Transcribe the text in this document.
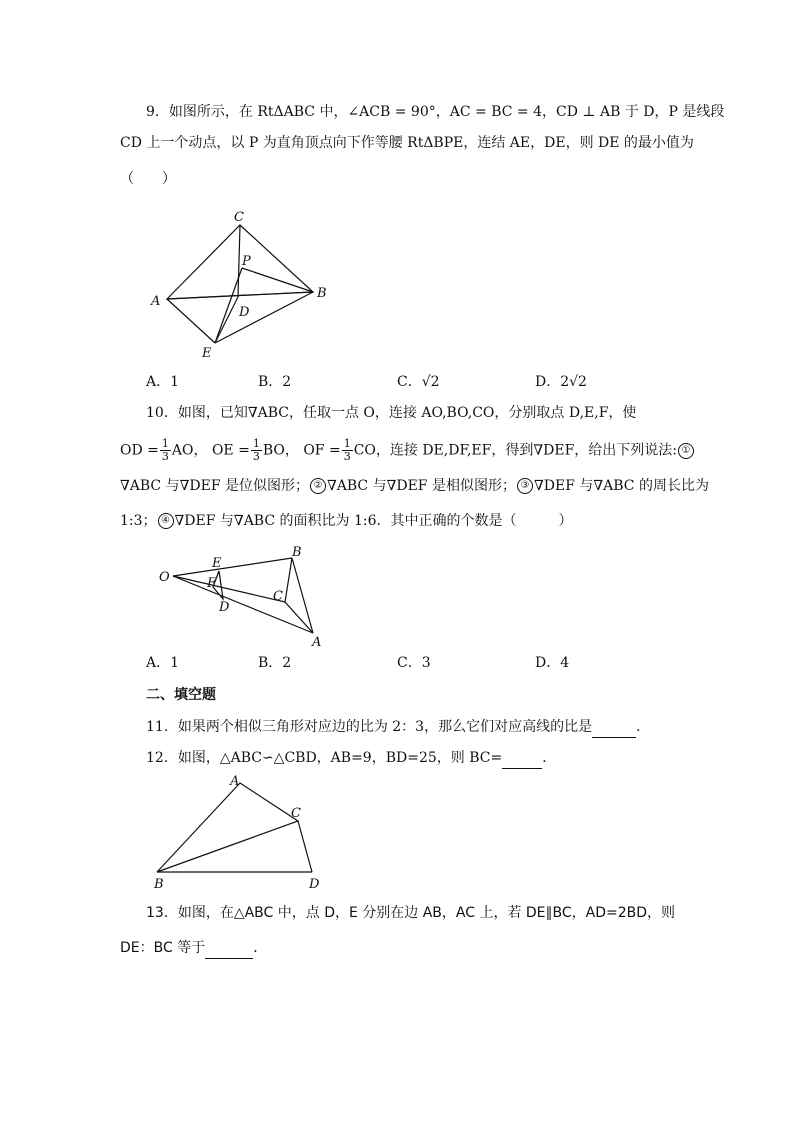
9．如图所示，在 RtΔABC 中，∠ACB = 90°，AC = BC = 4，CD ⊥ AB 于 D，P 是线段
CD 上一个动点，以 P 为直角顶点向下作等腰 RtΔBPE，连结 AE，DE，则 DE 的最小值为
（　　）
C
P
A
B
D
E
A．1	B．2	C．√2	D．2√2
10．如图，已知∇ABC，任取一点 O，连接 AO,BO,CO，分别取点 D,E,F，使
OD = $\frac{1}{3}$ AO， OE = $\frac{1}{3}$ BO， OF = $\frac{1}{3}$ CO，连接 DE,DF,EF，得到∇DEF，给出下列说法: ①
∇ABC 与∇DEF 是位似图形； ② ∇ABC 与∇DEF 是相似图形； ③ ∇DEF 与∇ABC 的周长比为
1:3； ④ ∇DEF 与∇ABC 的面积比为 1:6．其中正确的个数是（　　　）
O
E
F
D
B
C
A
A．1	B．2	C．3	D．4
二、填空题
11．如果两个相似三角形对应边的比为 2：3，那么它们对应高线的比是	．
12．如图，△ABC∽△CBD，AB=9，BD=25，则 BC=	．
A
C
B	D
13．如图，在△ABC 中，点 D，E 分别在边 AB，AC 上，若 DE∥BC，AD=2BD，则
DE：BC 等于	．
